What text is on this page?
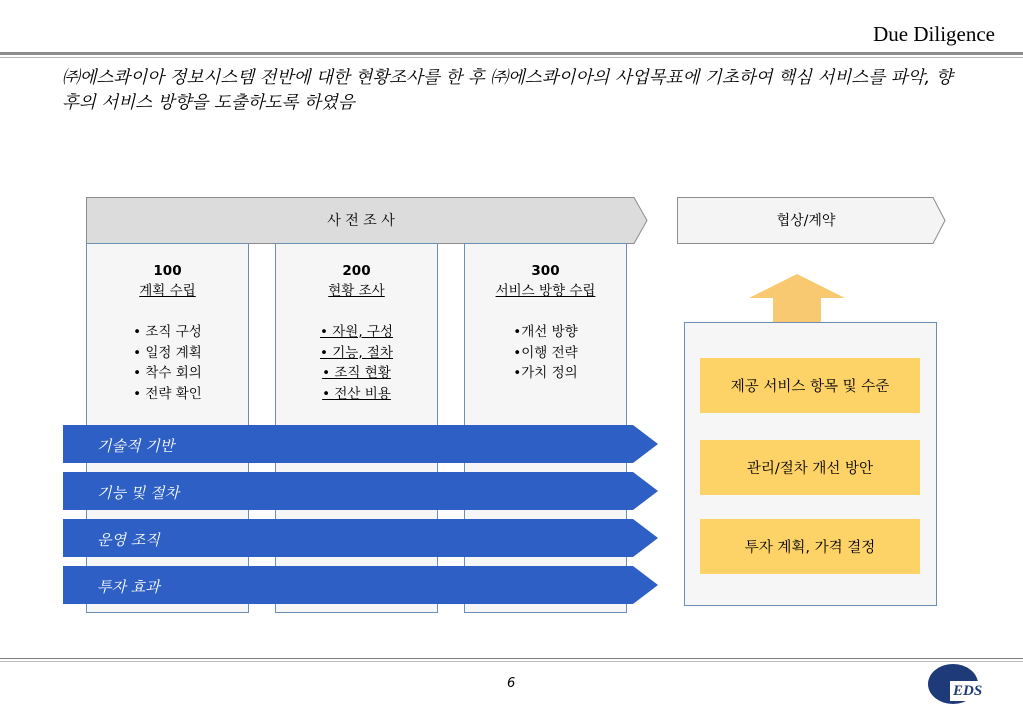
Due Diligence
㈜에스콰이아 정보시스템 전반에 대한 현황조사를 한 후 ㈜에스콰이아의 사업목표에 기초하여 핵심 서비스를 파악, 향후의 서비스 방향을 도출하도록 하였음
사 전 조 사	협상/계약
100
계획 수립
• 조직 구성
• 일정 계획
• 착수 회의
• 전략 확인
200
현황 조사
• 자원, 구성
• 기능, 절차
• 조직 현황
• 전산 비용
300
서비스 방향 수립
•개선 방향
•이행 전략
•가치 정의
기술적 기반
기능 및 절차
운영 조직
투자 효과
제공 서비스 항목 및 수준
관리/절차 개선 방안
투자 계획, 가격 결정
6	EDS
